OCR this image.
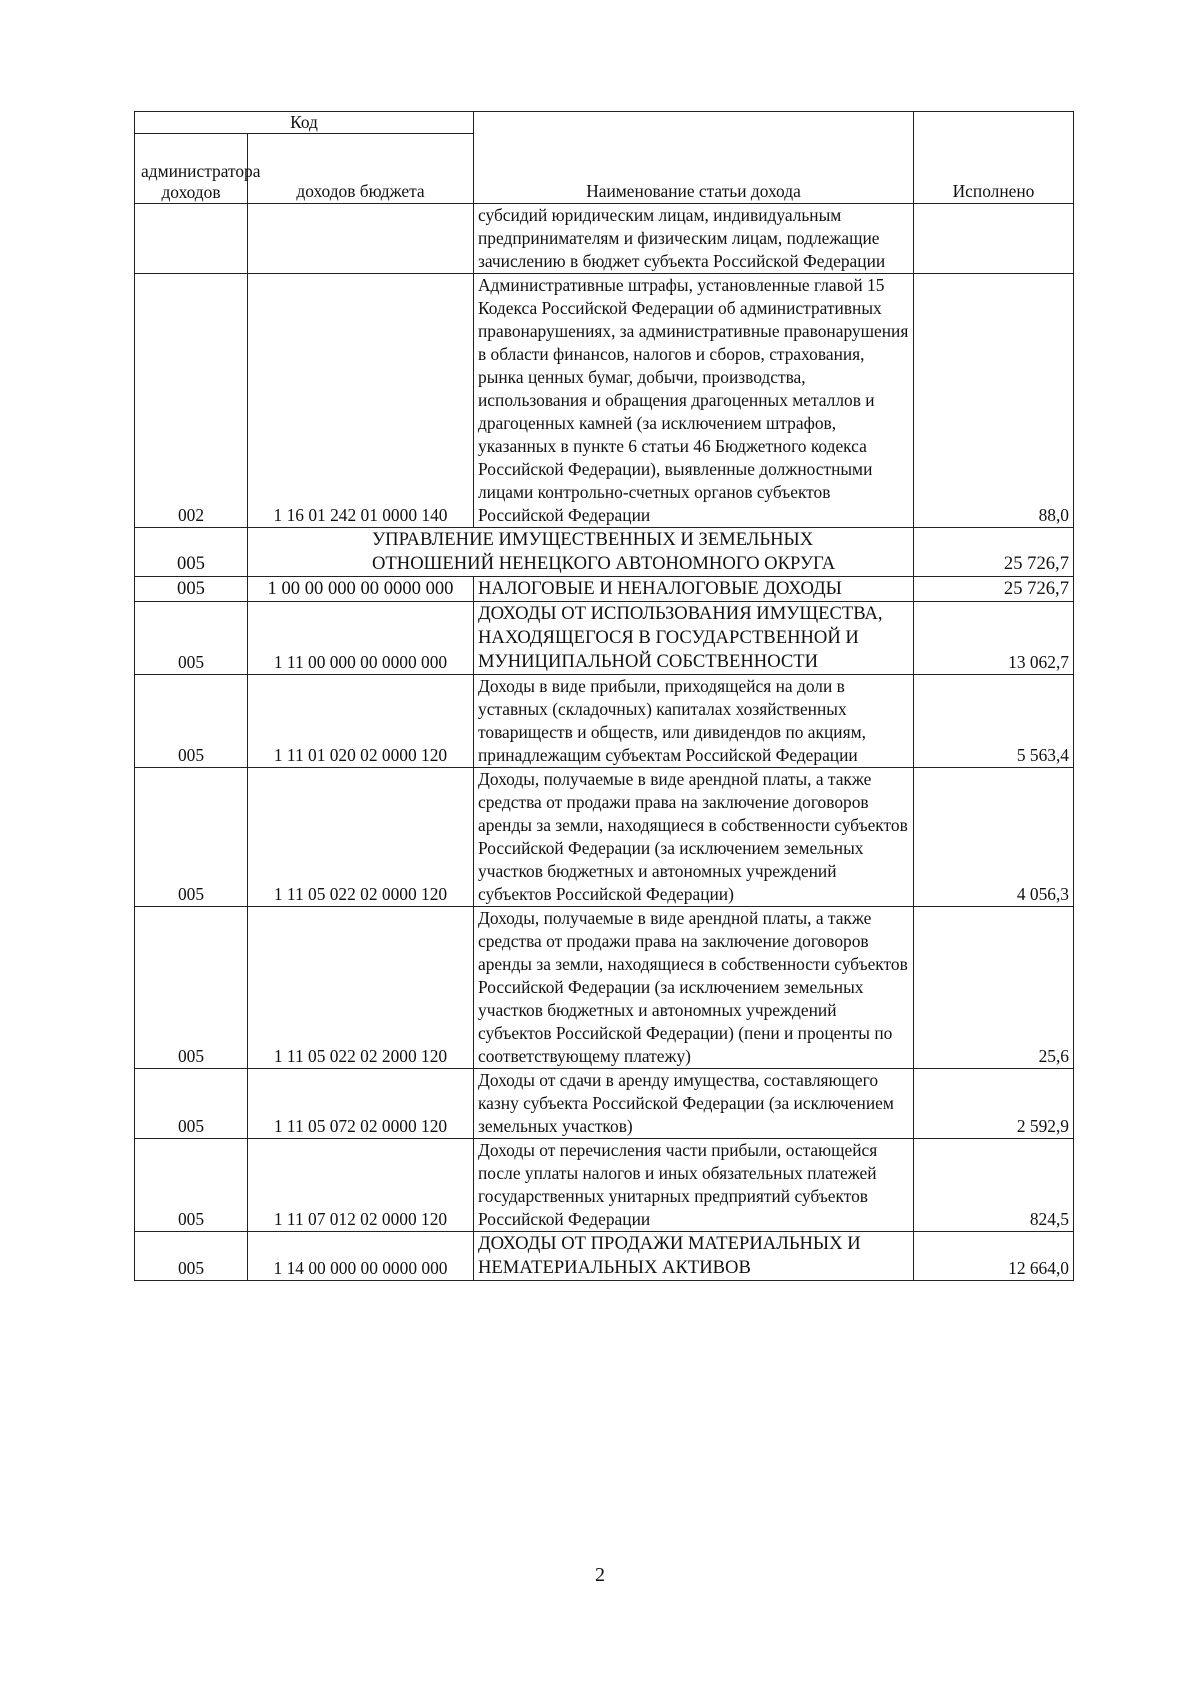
Код		Наименование статьи дохода	Исполнено
администратора доходов	доходов бюджета		
		субсидий юридическим лицам, индивидуальным предпринимателям и физическим лицам, подлежащие зачислению в бюджет субъекта Российской Федерации	
002	1 16 01 242 01 0000 140	Административные штрафы, установленные главой 15 Кодекса Российской Федерации об административных правонарушениях, за административные правонарушения в области финансов, налогов и сборов, страхования, рынка ценных бумаг, добычи, производства, использования и обращения драгоценных металлов и драгоценных камней (за исключением штрафов, указанных в пункте 6 статьи 46 Бюджетного кодекса Российской Федерации), выявленные должностными лицами контрольно-счетных органов субъектов Российской Федерации	88,0
005	УПРАВЛЕНИЕ ИМУЩЕСТВЕННЫХ И ЗЕМЕЛЬНЫХ ОТНОШЕНИЙ НЕНЕЦКОГО АВТОНОМНОГО ОКРУГА		25 726,7
005	1 00 00 000 00 0000 000	НАЛОГОВЫЕ И НЕНАЛОГОВЫЕ ДОХОДЫ	25 726,7
005	1 11 00 000 00 0000 000	ДОХОДЫ ОТ ИСПОЛЬЗОВАНИЯ ИМУЩЕСТВА, НАХОДЯЩЕГОСЯ В ГОСУДАРСТВЕННОЙ И МУНИЦИПАЛЬНОЙ СОБСТВЕННОСТИ	13 062,7
005	1 11 01 020 02 0000 120	Доходы в виде прибыли, приходящейся на доли в уставных (складочных) капиталах хозяйственных товариществ и обществ, или дивидендов по акциям, принадлежащим субъектам Российской Федерации	5 563,4
005	1 11 05 022 02 0000 120	Доходы, получаемые в виде арендной платы, а также средства от продажи права на заключение договоров аренды за земли, находящиеся в собственности субъектов Российской Федерации (за исключением земельных участков бюджетных и автономных учреждений субъектов Российской Федерации)	4 056,3
005	1 11 05 022 02 2000 120	Доходы, получаемые в виде арендной платы, а также средства от продажи права на заключение договоров аренды за земли, находящиеся в собственности субъектов Российской Федерации (за исключением земельных участков бюджетных и автономных учреждений субъектов Российской Федерации) (пени и проценты по соответствующему платежу)	25,6
005	1 11 05 072 02 0000 120	Доходы от сдачи в аренду имущества, составляющего казну субъекта Российской Федерации (за исключением земельных участков)	2 592,9
005	1 11 07 012 02 0000 120	Доходы от перечисления части прибыли, остающейся после уплаты налогов и иных обязательных платежей государственных унитарных предприятий субъектов Российской Федерации	824,5
005	1 14 00 000 00 0000 000	ДОХОДЫ ОТ ПРОДАЖИ МАТЕРИАЛЬНЫХ И НЕМАТЕРИАЛЬНЫХ АКТИВОВ	12 664,0
2
